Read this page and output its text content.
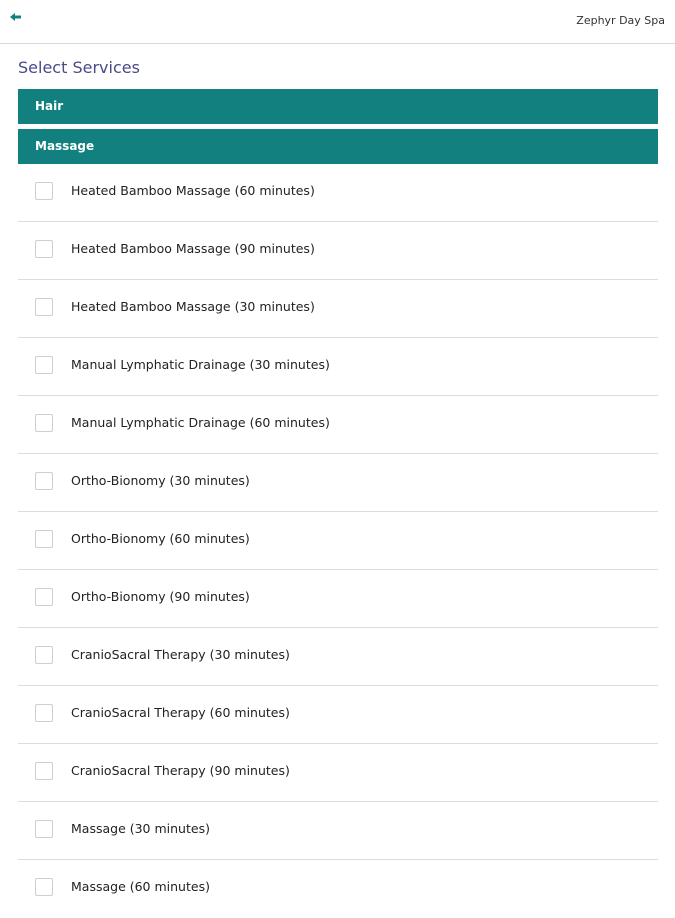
Zephyr Day Spa
Select Services
Hair
Massage
Heated Bamboo Massage (60 minutes)
Heated Bamboo Massage (90 minutes)
Heated Bamboo Massage (30 minutes)
Manual Lymphatic Drainage (30 minutes)
Manual Lymphatic Drainage (60 minutes)
Ortho-Bionomy (30 minutes)
Ortho-Bionomy (60 minutes)
Ortho-Bionomy (90 minutes)
CranioSacral Therapy (30 minutes)
CranioSacral Therapy (60 minutes)
CranioSacral Therapy (90 minutes)
Massage (30 minutes)
Massage (60 minutes)
